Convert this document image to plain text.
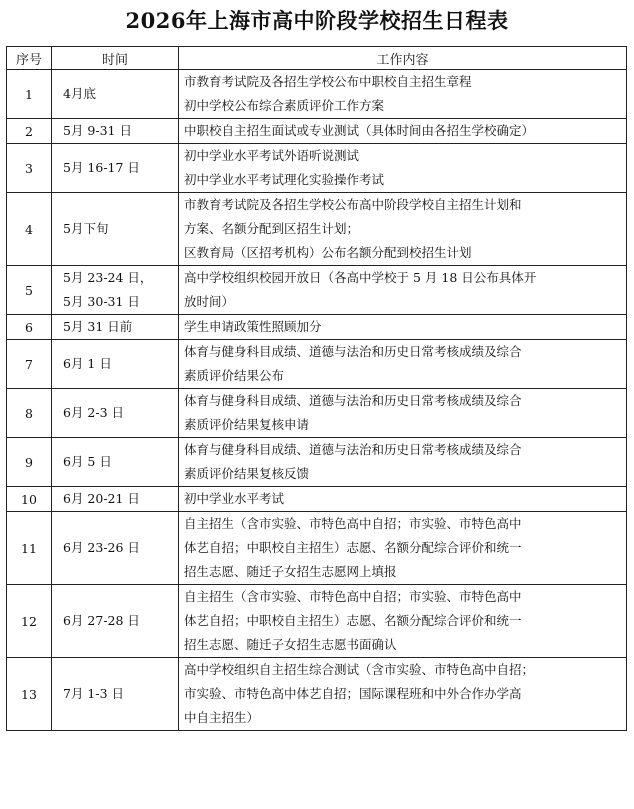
2026年上海市高中阶段学校招生日程表
序号	时间	工作内容
1	4月底	市教育考试院及各招生学校公布中职校自主招生章程
初中学校公布综合素质评价工作方案

2	5月 9-31 日	中职校自主招生面试或专业测试（具体时间由各招生学校确定）

3	5月 16-17 日	初中学业水平考试外语听说测试
初中学业水平考试理化实验操作考试

4	5月下旬	市教育考试院及各招生学校公布高中阶段学校自主招生计划和
方案、名额分配到区招生计划；
区教育局（区招考机构）公布名额分配到校招生计划

5	5月 23-24 日，
5月 30-31 日	高中学校组织校园开放日（各高中学校于 5 月 18 日公布具体开
放时间）

6	5月 31 日前	学生申请政策性照顾加分

7	6月 1 日	体育与健身科目成绩、道德与法治和历史日常考核成绩及综合
素质评价结果公布

8	6月 2-3 日	体育与健身科目成绩、道德与法治和历史日常考核成绩及综合
素质评价结果复核申请

9	6月 5 日	体育与健身科目成绩、道德与法治和历史日常考核成绩及综合
素质评价结果复核反馈

10	6月 20-21 日	初中学业水平考试

11	6月 23-26 日	自主招生（含市实验、市特色高中自招；市实验、市特色高中
体艺自招；中职校自主招生）志愿、名额分配综合评价和统一
招生志愿、随迁子女招生志愿网上填报

12	6月 27-28 日	自主招生（含市实验、市特色高中自招；市实验、市特色高中
体艺自招；中职校自主招生）志愿、名额分配综合评价和统一
招生志愿、随迁子女招生志愿书面确认

13	7月 1-3 日	高中学校组织自主招生综合测试（含市实验、市特色高中自招；
市实验、市特色高中体艺自招；国际课程班和中外合作办学高
中自主招生）
